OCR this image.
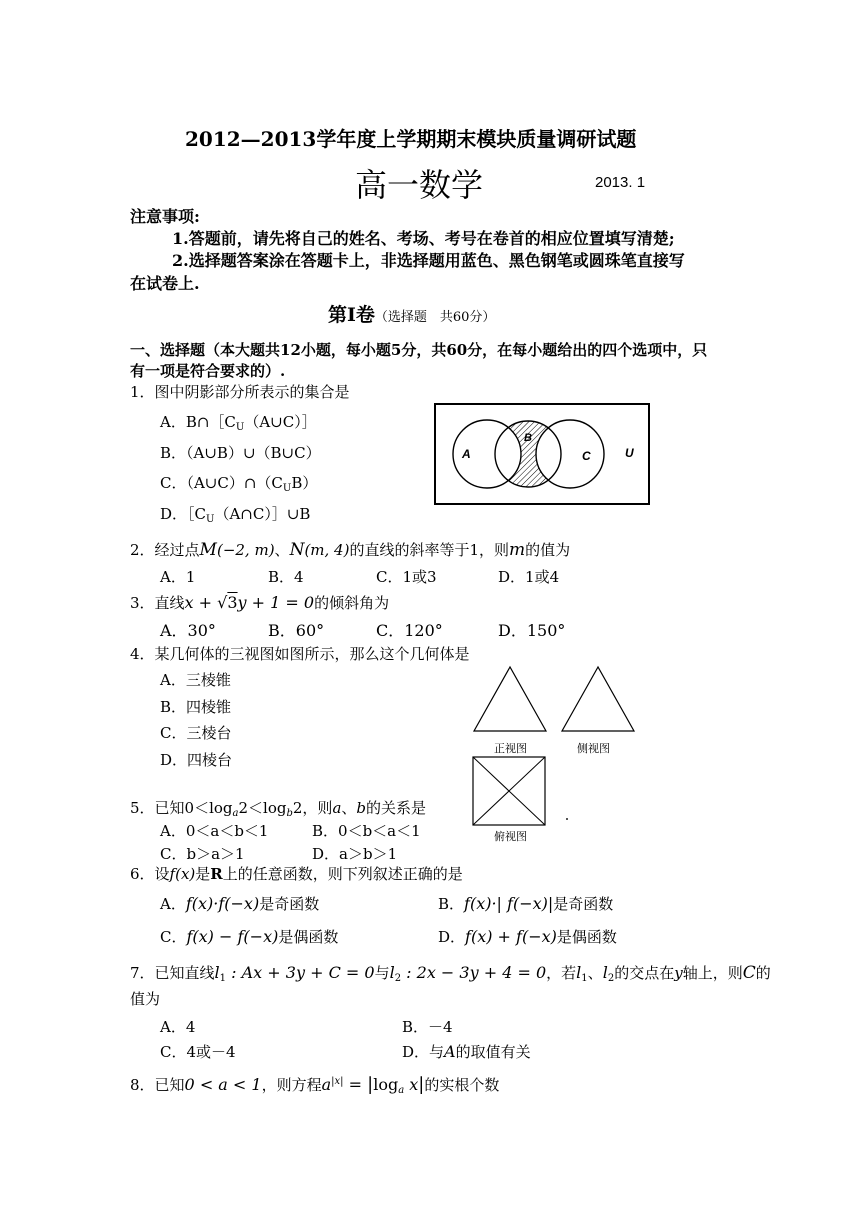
2012—2013学年度上学期期末模块质量调研试题
高一数学	2013. 1
注意事项:
1.答题前，请先将自己的姓名、考场、考号在卷首的相应位置填写清楚;
2.选择题答案涂在答题卡上，非选择题用蓝色、黑色钢笔或圆珠笔直接写
在试卷上.
第Ⅰ卷（选择题　共60分）
一、选择题（本大题共12小题，每小题5分，共60分，在每小题给出的四个选项中，只
有一项是符合要求的）.
1．图中阴影部分所表示的集合是
A．$B\cap[C_U(A\cup C)]$
B．（A∪B）∪（B∪C）
C．$(A\cup C)\cap(C_UB)$
D．$[C_U(A\cap C)]\cup B$
A
B
C	U
2．经过点M(−2, m)、N(m, 4)的直线的斜率等于1，则m的值为
A．1	B．4	C．1或3	D．1或4
3．直线x + √3y + 1 = 0的倾斜角为
A．30°	B．60°	C．120°	D．150°
4．某几何体的三视图如图所示，那么这个几何体是
A．三棱锥
B．四棱锥
C．三棱台
D．四棱台
正视图	侧视图
俯视图
5．已知$0<\log_a2<\log_b2$，则a、b的关系是
A．0＜a＜b＜1	B．0＜b＜a＜1
C．b＞a＞1	D．a＞b＞1
6．设f(x)是R上的任意函数，则下列叙述正确的是
A．f(x)·f(−x)是奇函数	B．f(x)·| f(−x)|是奇函数
C．f(x) − f(−x)是偶函数	D．f(x) + f(−x)是偶函数
7．已知直线$l_1$ : Ax + 3y + C = 0与$l_2$ : 2x − 3y + 4 = 0，若$l_1$、$l_2$的交点在y轴上，则C的
值为
A．4	B．－4
C．4或－4	D．与A的取值有关
8．已知0 < a < 1，则方程$a^{|x|} = |\log_a$ x|的实根个数
